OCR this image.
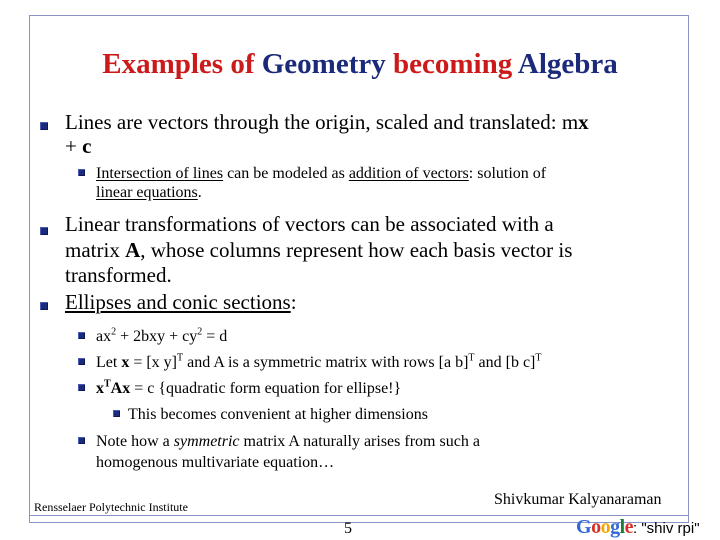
Examples of Geometry becoming Algebra

Lines are vectors through the origin, scaled and translated: mx

+ c

Intersection of lines can be modeled as addition of vectors: solution of

linear equations.

Linear transformations of vectors can be associated with a

matrix A, whose columns represent how each basis vector is

transformed.

Ellipses and conic sections:

$ax^2 + 2bxy + cy^2 = d$

Let x = [x y]$^T$ and A is a symmetric matrix with rows [a b]$^T$ and [b c]$^T$

$x^TAx = c$ {quadratic form equation for ellipse!}

This becomes convenient at higher dimensions

Note how a symmetric matrix A naturally arises from such a

homogenous multivariate equation…

Rensselaer Polytechnic Institute	Shivkumar Kalyanaraman
5	Google: "shiv rpi"
